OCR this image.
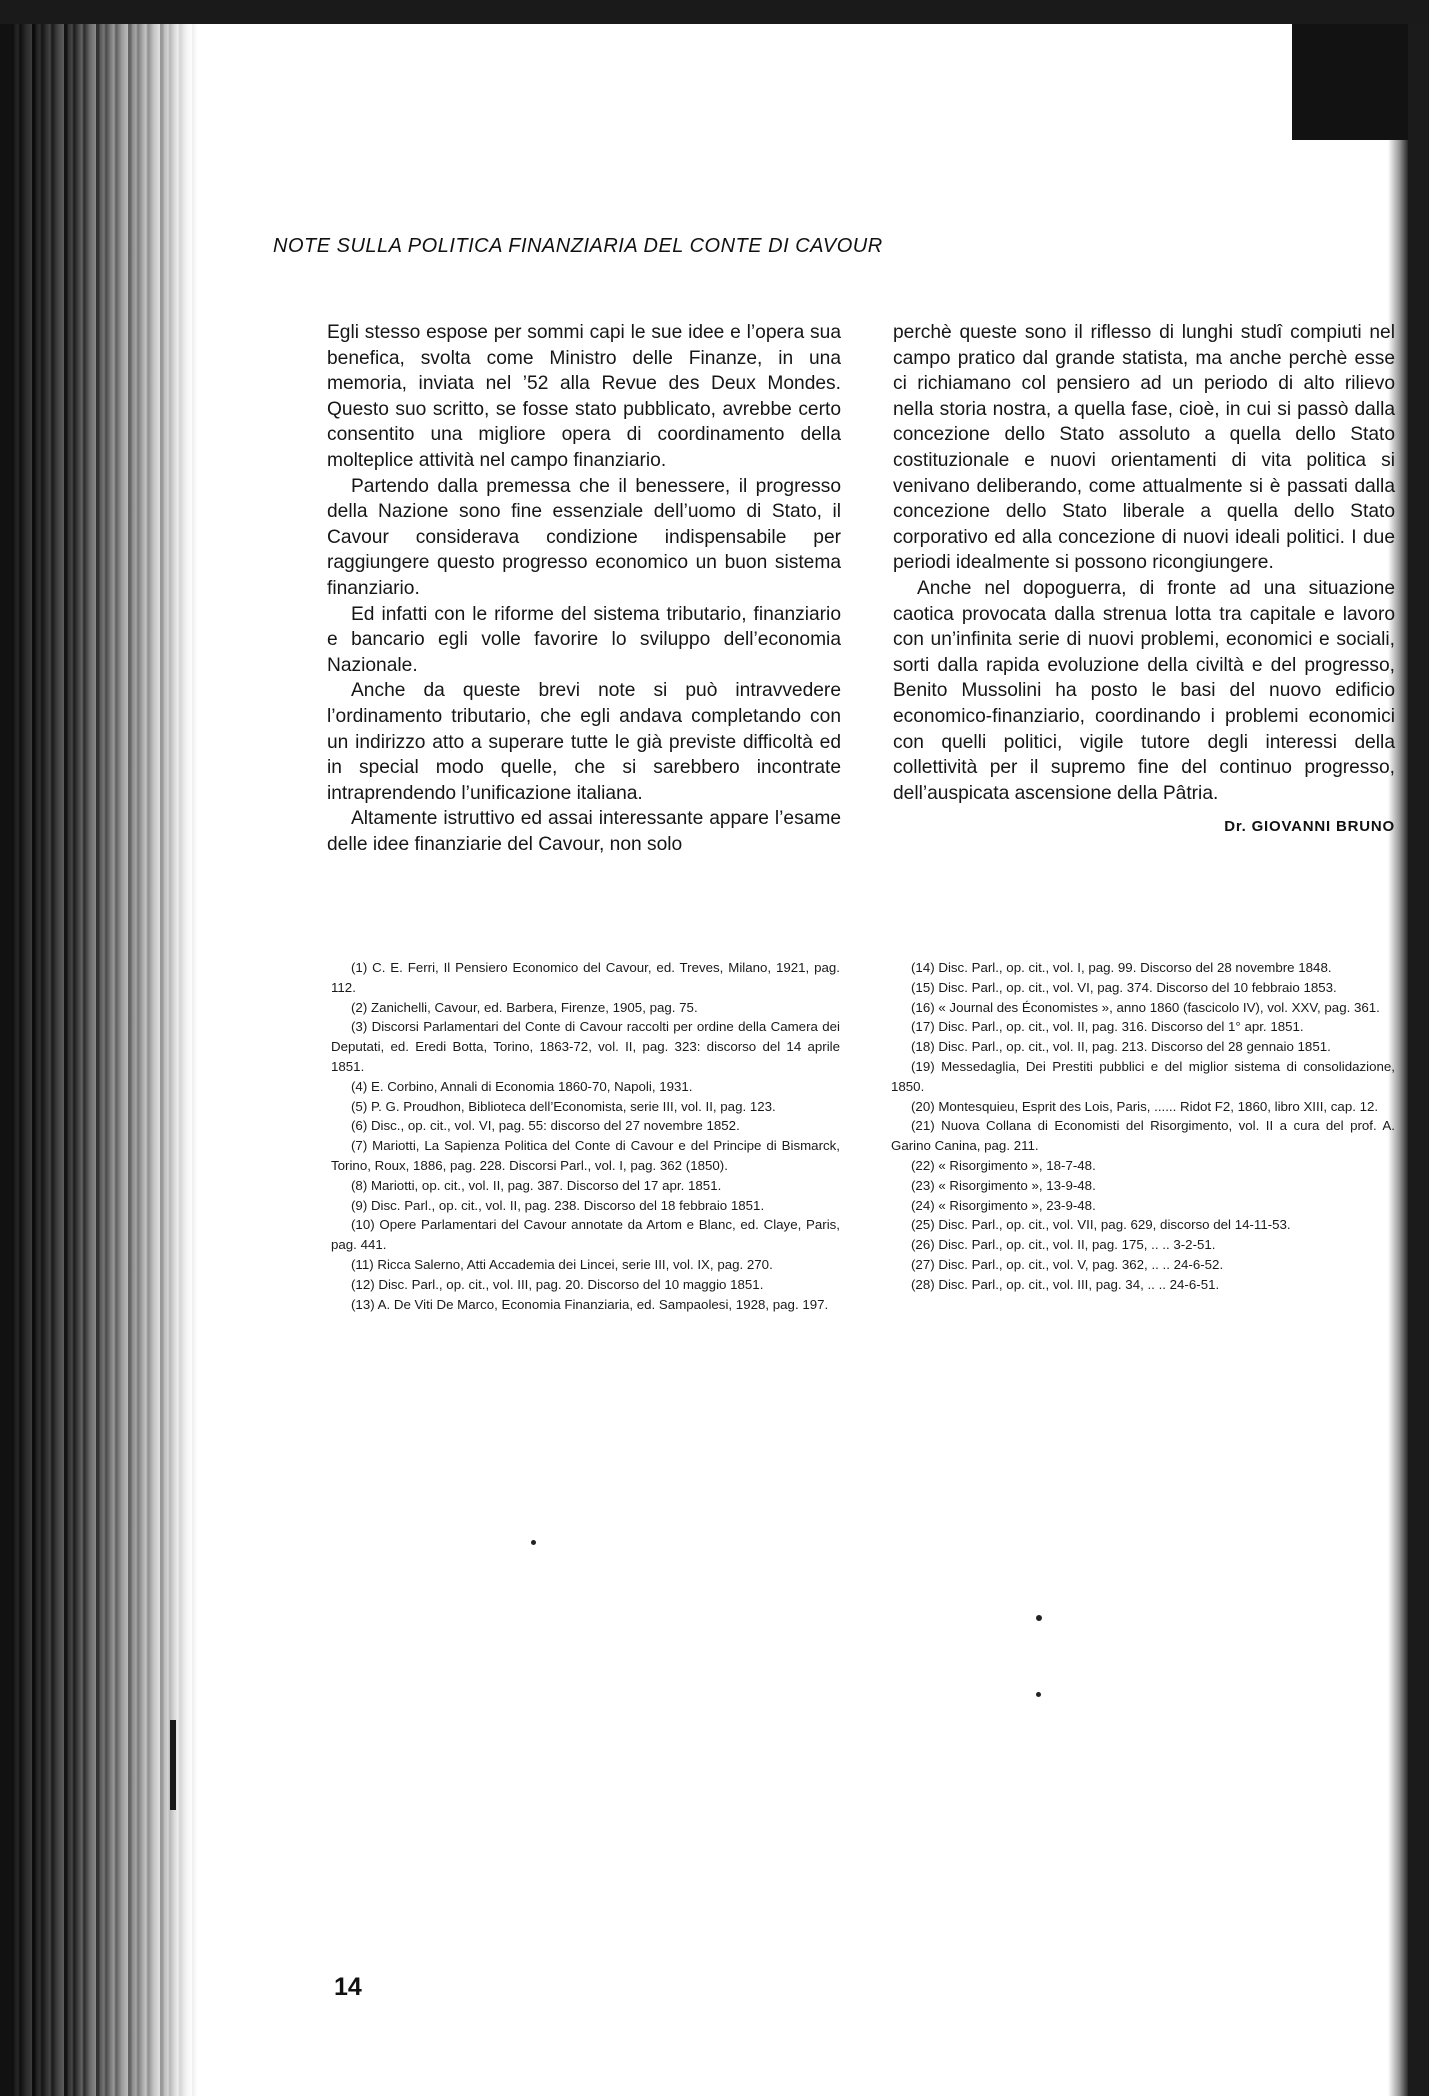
NOTE SULLA POLITICA FINANZIARIA DEL CONTE DI CAVOUR

Egli stesso espose per sommi capi le sue idee e l’opera sua benefica, svolta come Ministro delle Finanze, in una memoria, inviata nel ’52 alla Revue des Deux Mondes. Questo suo scritto, se fosse stato pubblicato, avrebbe certo consentito una migliore opera di coordinamento della molteplice attività nel campo finanziario.

Partendo dalla premessa che il benessere, il progresso della Nazione sono fine essenziale dell’uomo di Stato, il Cavour considerava condizione indispensabile per raggiungere questo progresso economico un buon sistema finanziario.

Ed infatti con le riforme del sistema tributario, finanziario e bancario egli volle favorire lo sviluppo dell’economia Nazionale.

Anche da queste brevi note si può intravvedere l’ordinamento tributario, che egli andava completando con un indirizzo atto a superare tutte le già previste difficoltà ed in special modo quelle, che si sarebbero incontrate intraprendendo l’unificazione italiana.

Altamente istruttivo ed assai interessante appare l’esame delle idee finanziarie del Cavour, non solo

perchè queste sono il riflesso di lunghi studî compiuti nel campo pratico dal grande statista, ma anche perchè esse ci richiamano col pensiero ad un periodo di alto rilievo nella storia nostra, a quella fase, cioè, in cui si passò dalla concezione dello Stato assoluto a quella dello Stato costituzionale e nuovi orientamenti di vita politica si venivano deliberando, come attualmente si è passati dalla concezione dello Stato liberale a quella dello Stato corporativo ed alla concezione di nuovi ideali politici. I due periodi idealmente si possono ricongiungere.

Anche nel dopoguerra, di fronte ad una situazione caotica provocata dalla strenua lotta tra capitale e lavoro con un’infinita serie di nuovi problemi, economici e sociali, sorti dalla rapida evoluzione della civiltà e del progresso, Benito Mussolini ha posto le basi del nuovo edificio economico-finanziario, coordinando i problemi economici con quelli politici, vigile tutore degli interessi della collettività per il supremo fine del continuo progresso, dell’auspicata ascensione della Pâtria.

Dr. GIOVANNI BRUNO

(1) C. E. Ferri, Il Pensiero Economico del Cavour, ed. Treves, Milano, 1921, pag. 112.

(2) Zanichelli, Cavour, ed. Barbera, Firenze, 1905, pag. 75.

(3) Discorsi Parlamentari del Conte di Cavour raccolti per ordine della Camera dei Deputati, ed. Eredi Botta, Torino, 1863-72, vol. II, pag. 323: discorso del 14 aprile 1851.

(4) E. Corbino, Annali di Economia 1860-70, Napoli, 1931.

(5) P. G. Proudhon, Biblioteca dell’Economista, serie III, vol. II, pag. 123.

(6) Disc., op. cit., vol. VI, pag. 55: discorso del 27 novembre 1852.

(7) Mariotti, La Sapienza Politica del Conte di Cavour e del Principe di Bismarck, Torino, Roux, 1886, pag. 228. Discorsi Parl., vol. I, pag. 362 (1850).

(8) Mariotti, op. cit., vol. II, pag. 387. Discorso del 17 apr. 1851.

(9) Disc. Parl., op. cit., vol. II, pag. 238. Discorso del 18 febbraio 1851.

(10) Opere Parlamentari del Cavour annotate da Artom e Blanc, ed. Claye, Paris, pag. 441.

(11) Ricca Salerno, Atti Accademia dei Lincei, serie III, vol. IX, pag. 270.

(12) Disc. Parl., op. cit., vol. III, pag. 20. Discorso del 10 maggio 1851.

(13) A. De Viti De Marco, Economia Finanziaria, ed. Sampaolesi, 1928, pag. 197.

(14) Disc. Parl., op. cit., vol. I, pag. 99. Discorso del 28 novembre 1848.

(15) Disc. Parl., op. cit., vol. VI, pag. 374. Discorso del 10 febbraio 1853.

(16) « Journal des Économistes », anno 1860 (fascicolo IV), vol. XXV, pag. 361.

(17) Disc. Parl., op. cit., vol. II, pag. 316. Discorso del 1° apr. 1851.

(18) Disc. Parl., op. cit., vol. II, pag. 213. Discorso del 28 gennaio 1851.

(19) Messedaglia, Dei Prestiti pubblici e del miglior sistema di consolidazione, 1850.

(20) Montesquieu, Esprit des Lois, Paris, ...... Ridot F2, 1860, libro XIII, cap. 12.

(21) Nuova Collana di Economisti del Risorgimento, vol. II a cura del prof. A. Garino Canina, pag. 211.

(22) « Risorgimento », 18-7-48.

(23) « Risorgimento », 13-9-48.

(24) « Risorgimento », 23-9-48.

(25) Disc. Parl., op. cit., vol. VII, pag. 629, discorso del 14-11-53.

(26) Disc. Parl., op. cit., vol. II, pag. 175, .. .. 3-2-51.

(27) Disc. Parl., op. cit., vol. V, pag. 362, .. .. 24-6-52.

(28) Disc. Parl., op. cit., vol. III, pag. 34, .. .. 24-6-51.

14
